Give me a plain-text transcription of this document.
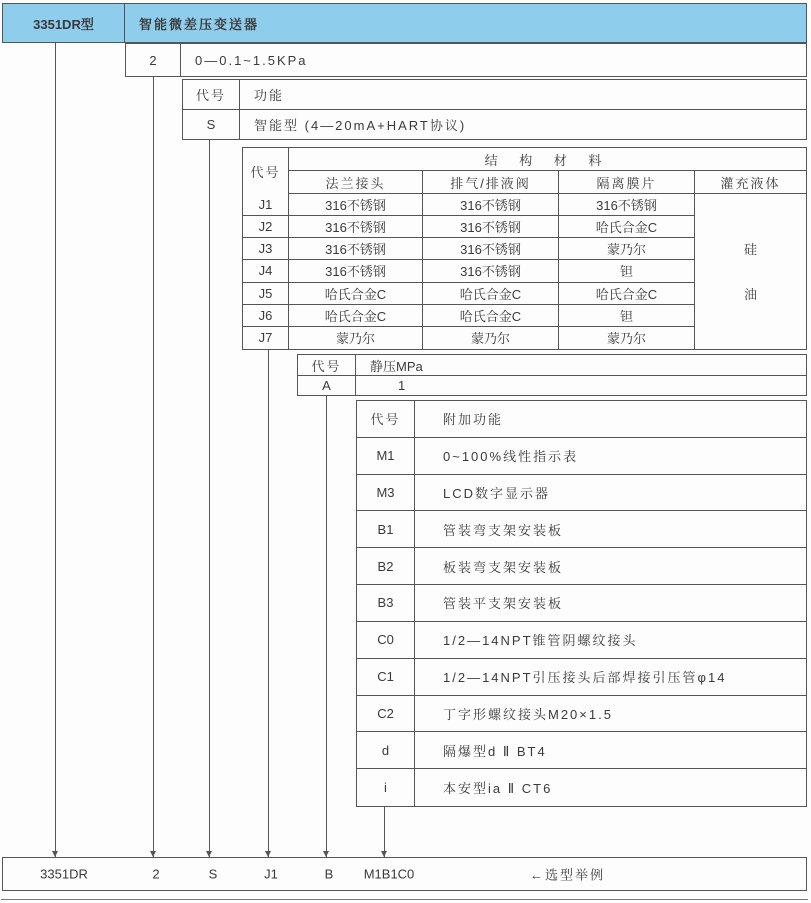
3351DR型	智能微差压变送器
2	0—0.1~1.5KPa
代号	功能
S	智能型 (4—20mA+HART协议)
代号
结 构 材 料
法兰接头	排气/排液阀	隔离膜片	灌充液体
J1	316不锈钢	316不锈钢	316不锈钢
硅
油
J2	316不锈钢	316不锈钢	哈氏合金C
J3	316不锈钢	316不锈钢	蒙乃尔
J4	316不锈钢	316不锈钢	钽
J5	哈氏合金C	哈氏合金C	哈氏合金C
J6	哈氏合金C	哈氏合金C	钽
J7	蒙乃尔	蒙乃尔	蒙乃尔
代号	静压MPa
A	1
代号	附加功能
M1	0~100%线性指示表
M3	LCD数字显示器
B1	管装弯支架安装板
B2	板装弯支架安装板
B3	管装平支架安装板
C0	1/2—14NPT锥管阴螺纹接头
C1	1/2—14NPT引压接头后部焊接引压管φ14
C2	丁字形螺纹接头M20×1.5
d	隔爆型d Ⅱ BT4
i	本安型ia Ⅱ CT6
3351DR	2	S	J1	B M1B1C0	←选型举例
